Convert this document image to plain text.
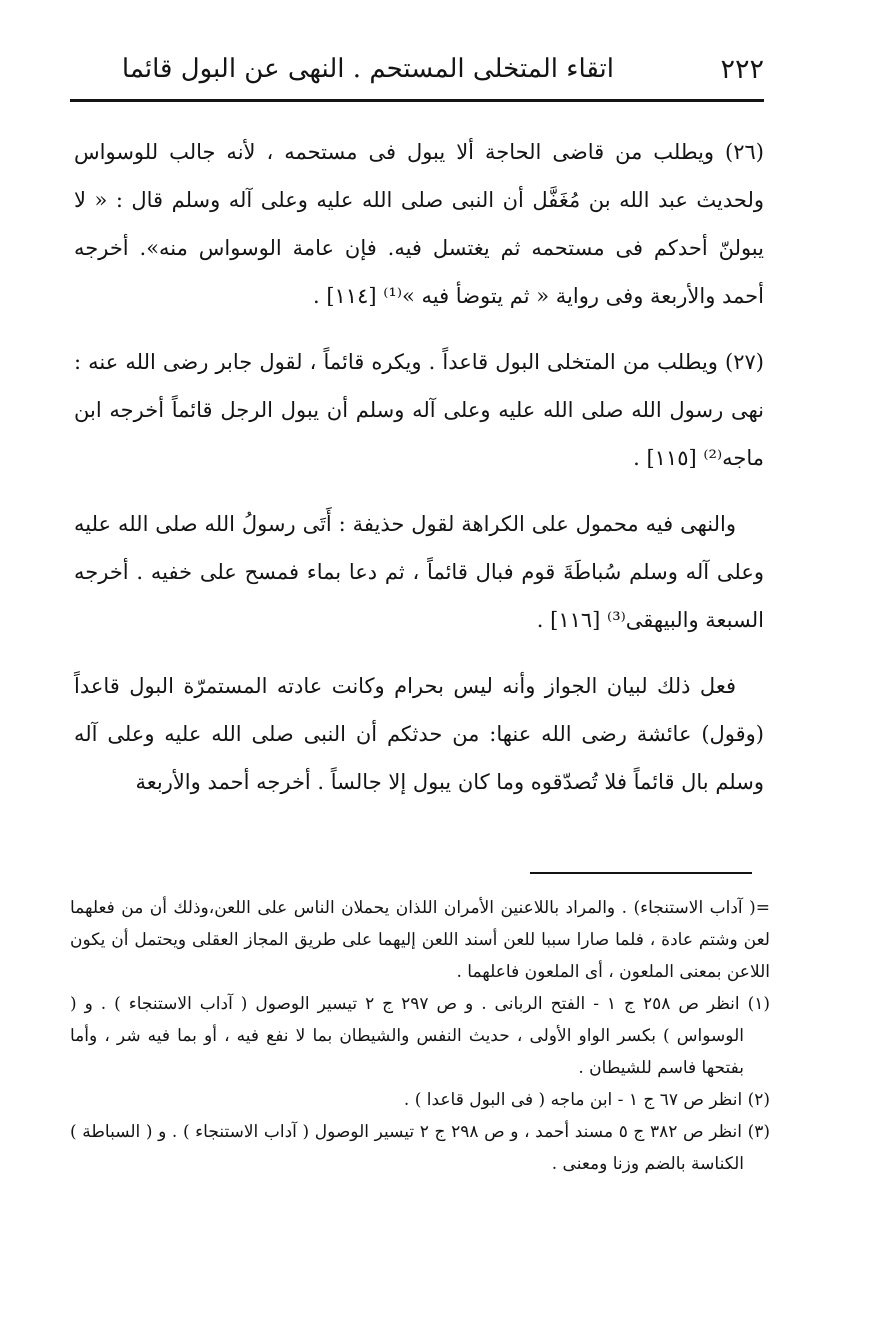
٢٢٢
اتقاء المتخلى المستحم . النهى عن البول قائما

(٢٦) ويطلب من قاضى الحاجة ألا يبول فى مستحمه ، لأنه جالب للوسواس ولحديث عبد الله بن مُغَفَّل أن النبى صلى الله عليه وعلى آله وسلم قال : « لا يبولنّ أحدكم فى مستحمه ثم يغتسل فيه. فإن عامة الوسواس منه». أخرجه أحمد والأربعة وفى رواية « ثم يتوضأ فيه »⁽¹⁾ [١١٤] .

(٢٧) ويطلب من المتخلى البول قاعداً . ويكره قائماً ، لقول جابر رضى الله عنه : نهى رسول الله صلى الله عليه وعلى آله وسلم أن يبول الرجل قائماً أخرجه ابن ماجه⁽²⁾ [١١٥] .

والنهى فيه محمول على الكراهة لقول حذيفة : أَتَى رسولُ الله صلى الله عليه وعلى آله وسلم سُباطَةَ قوم فبال قائماً ، ثم دعا بماء فمسح على خفيه . أخرجه السبعة والبيهقى⁽³⁾ [١١٦] .

فعل ذلك لبيان الجواز وأنه ليس بحرام وكانت عادته المستمرّة البول قاعداً (وقول) عائشة رضى الله عنها: من حدثكم أن النبى صلى الله عليه وعلى آله وسلم بال قائماً فلا تُصدّقوه وما كان يبول إلا جالساً . أخرجه أحمد والأربعة

=( آداب الاستنجاء) . والمراد باللاعنين الأمران اللذان يحملان الناس على اللعن،وذلك أن من فعلهما لعن وشتم عادة ، فلما صارا سببا للعن أسند اللعن إليهما على طريق المجاز العقلى ويحتمل أن يكون اللاعن بمعنى الملعون ، أى الملعون فاعلهما .

(١) انظر ص ٢٥٨ ج ١ - الفتح الربانى . و ص ٢٩٧ ج ٢ تيسير الوصول ( آداب الاستنجاء ) . و ( الوسواس ) بكسر الواو الأولى ، حديث النفس والشيطان بما لا نفع فيه ، أو بما فيه شر ، وأما بفتحها فاسم للشيطان .

(٢) انظر ص ٦٧ ج ١ - ابن ماجه ( فى البول قاعدا ) .

(٣) انظر ص ٣٨٢ ج ٥ مسند أحمد ، و ص ٢٩٨ ج ٢ تيسير الوصول ( آداب الاستنجاء ) . و ( السباطة ) الكناسة بالضم وزنا ومعنى .
